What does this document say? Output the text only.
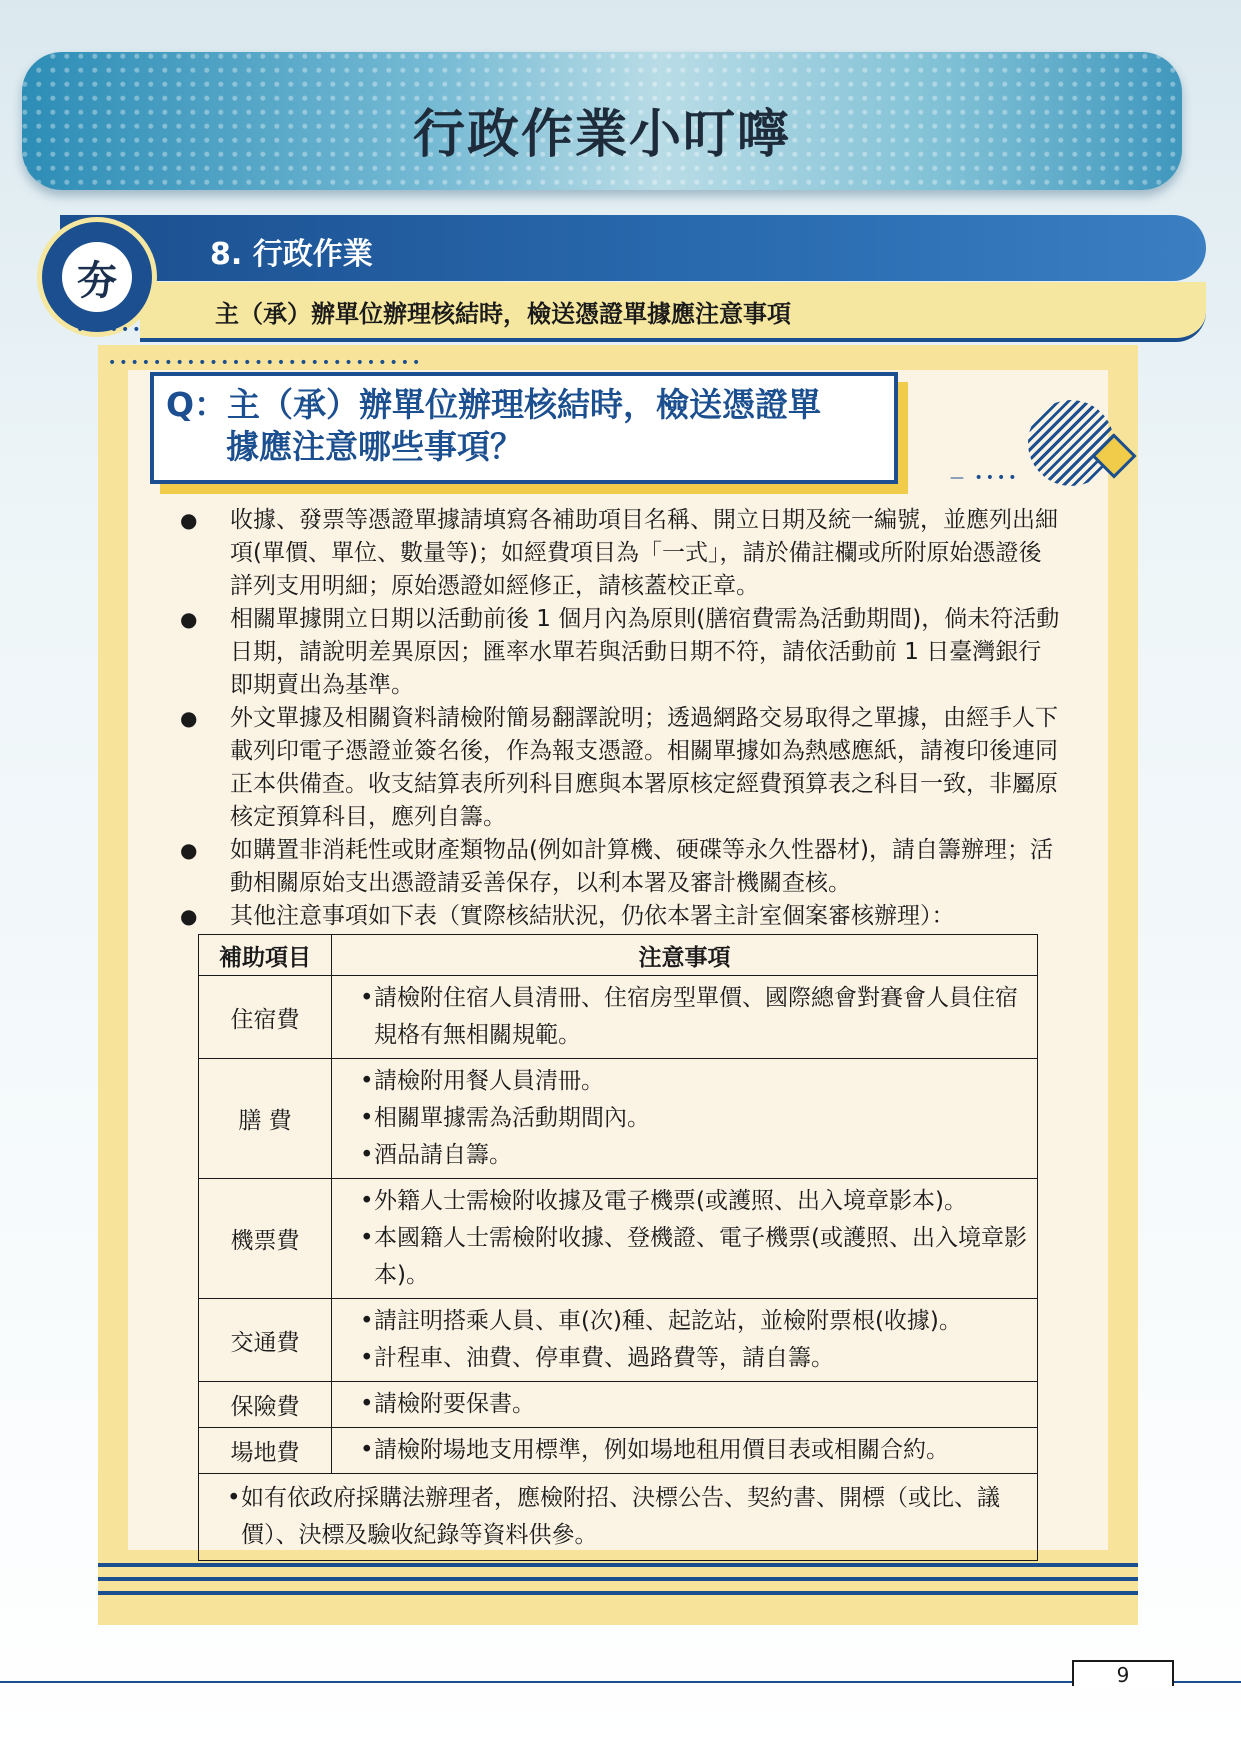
行政作業小叮嚀
8. 行政作業
主（承）辦單位辦理核結時，檢送憑證單據應注意事項
夯
••••••
••••••••••••••••••••••••••••
Q：主（承）辦單位辦理核結時，檢送憑證單
據應注意哪些事項？
— ••••
● 收據、發票等憑證單據請填寫各補助項目名稱、開立日期及統一編號，並應列出細項(單價、單位、數量等)；如經費項目為「一式」，請於備註欄或所附原始憑證後詳列支用明細；原始憑證如經修正，請核蓋校正章。
● 相關單據開立日期以活動前後 1 個月內為原則(膳宿費需為活動期間)，倘未符活動日期，請說明差異原因；匯率水單若與活動日期不符，請依活動前 1 日臺灣銀行即期賣出為基準。
● 外文單據及相關資料請檢附簡易翻譯說明；透過網路交易取得之單據，由經手人下載列印電子憑證並簽名後，作為報支憑證。相關單據如為熱感應紙，請複印後連同正本供備查。收支結算表所列科目應與本署原核定經費預算表之科目一致，非屬原核定預算科目，應列自籌。
● 如購置非消耗性或財產類物品(例如計算機、硬碟等永久性器材)，請自籌辦理；活動相關原始支出憑證請妥善保存，以利本署及審計機關查核。
● 其他注意事項如下表（實際核結狀況，仍依本署主計室個案審核辦理）：
補助項目	注意事項
住宿費	• 請檢附住宿人員清冊、住宿房型單價、國際總會對賽會人員住宿規格有無相關規範。

膳 費	• 請檢附用餐人員清冊。
• 相關單據需為活動期間內。
• 酒品請自籌。

機票費	• 外籍人士需檢附收據及電子機票(或護照、出入境章影本)。
• 本國籍人士需檢附收據、登機證、電子機票(或護照、出入境章影本)。

交通費	• 請註明搭乘人員、車(次)種、起訖站，並檢附票根(收據)。
• 計程車、油費、停車費、過路費等，請自籌。

保險費	• 請檢附要保書。

場地費	• 請檢附場地支用標準，例如場地租用價目表或相關合約。

• 如有依政府採購法辦理者，應檢附招、決標公告、契約書、開標（或比、議價）、決標及驗收紀錄等資料供參。
9
